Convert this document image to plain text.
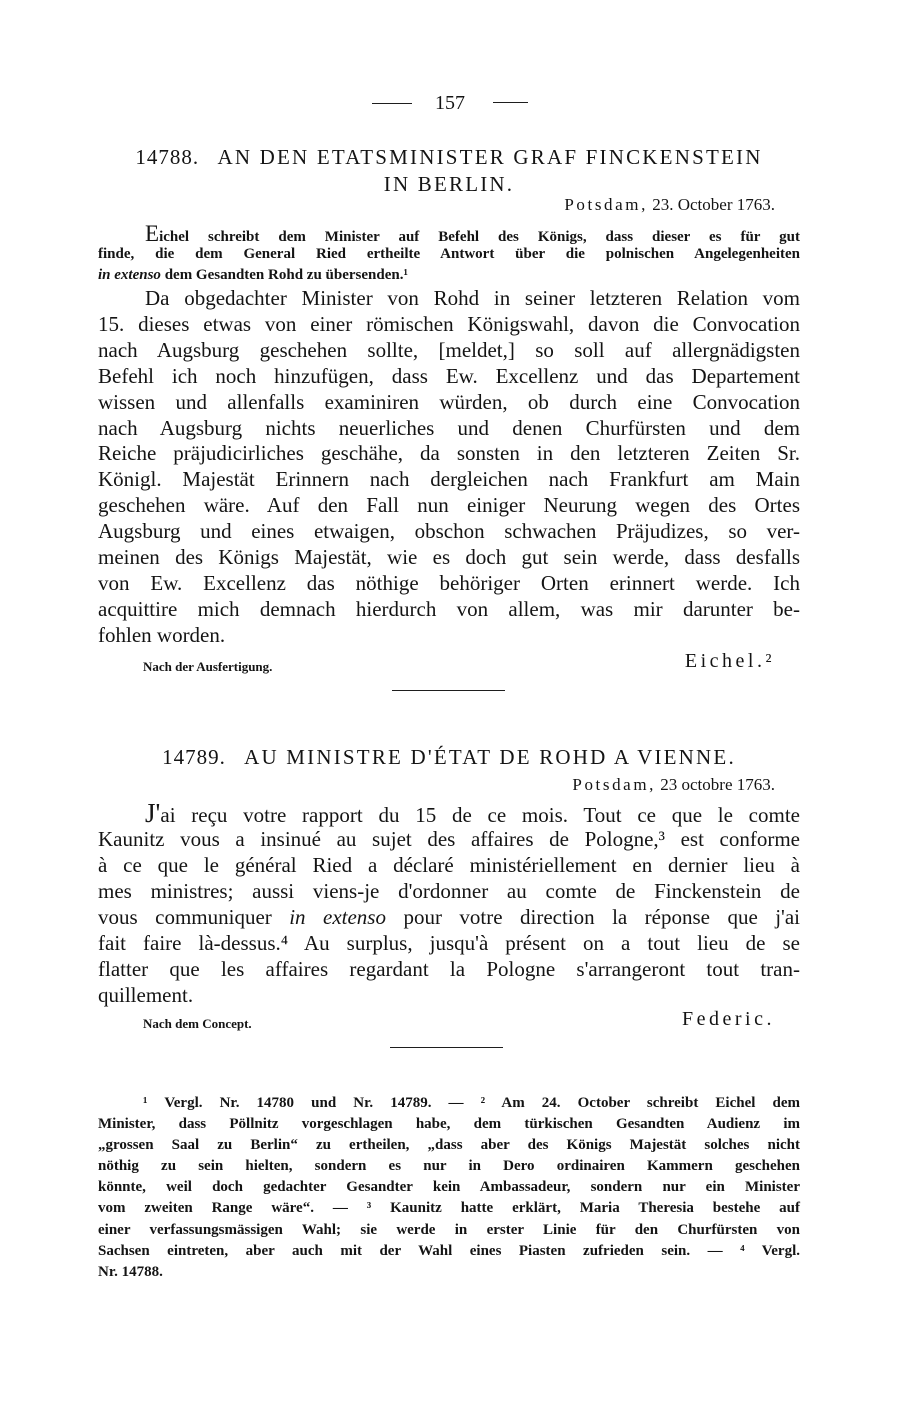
157
14788. AN DEN ETATSMINISTER GRAF FINCKENSTEIN
IN BERLIN.
Potsdam, 23. October 1763.
Eichel schreibt dem Minister auf Befehl des Königs, dass dieser es für gut
finde, die dem General Ried ertheilte Antwort über die polnischen Angelegenheiten
in extenso dem Gesandten Rohd zu übersenden.¹
Da obgedachter Minister von Rohd in seiner letzteren Relation vom
15. dieses etwas von einer römischen Königswahl, davon die Convocation
nach Augsburg geschehen sollte, [meldet,] so soll auf allergnädigsten
Befehl ich noch hinzufügen, dass Ew. Excellenz und das Departement
wissen und allenfalls examiniren würden, ob durch eine Convocation
nach Augsburg nichts neuerliches und denen Churfürsten und dem
Reiche präjudicirliches geschähe, da sonsten in den letzteren Zeiten Sr.
Königl. Majestät Erinnern nach dergleichen nach Frankfurt am Main
geschehen wäre. Auf den Fall nun einiger Neurung wegen des Ortes
Augsburg und eines etwaigen, obschon schwachen Präjudizes, so ver-
meinen des Königs Majestät, wie es doch gut sein werde, dass desfalls
von Ew. Excellenz das nöthige behöriger Orten erinnert werde. Ich
acquittire mich demnach hierdurch von allem, was mir darunter be-
fohlen worden.
Nach der Ausfertigung.	Eichel.²
14789. AU MINISTRE D'ÉTAT DE ROHD A VIENNE.
Potsdam, 23 octobre 1763.
J'ai reçu votre rapport du 15 de ce mois. Tout ce que le comte
Kaunitz vous a insinué au sujet des affaires de Pologne,³ est conforme
à ce que le général Ried a déclaré ministériellement en dernier lieu à
mes ministres; aussi viens-je d'ordonner au comte de Finckenstein de
vous communiquer in extenso pour votre direction la réponse que j'ai
fait faire là-dessus.⁴ Au surplus, jusqu'à présent on a tout lieu de se
flatter que les affaires regardant la Pologne s'arrangeront tout tran-
quillement.
Nach dem Concept.	Federic.
¹ Vergl. Nr. 14780 und Nr. 14789. — ² Am 24. October schreibt Eichel dem
Minister, dass Pöllnitz vorgeschlagen habe, dem türkischen Gesandten Audienz im
„grossen Saal zu Berlin“ zu ertheilen, „dass aber des Königs Majestät solches nicht
nöthig zu sein hielten, sondern es nur in Dero ordinairen Kammern geschehen
könnte, weil doch gedachter Gesandter kein Ambassadeur, sondern nur ein Minister
vom zweiten Range wäre“. — ³ Kaunitz hatte erklärt, Maria Theresia bestehe auf
einer verfassungsmässigen Wahl; sie werde in erster Linie für den Churfürsten von
Sachsen eintreten, aber auch mit der Wahl eines Piasten zufrieden sein. — ⁴ Vergl.
Nr. 14788.
